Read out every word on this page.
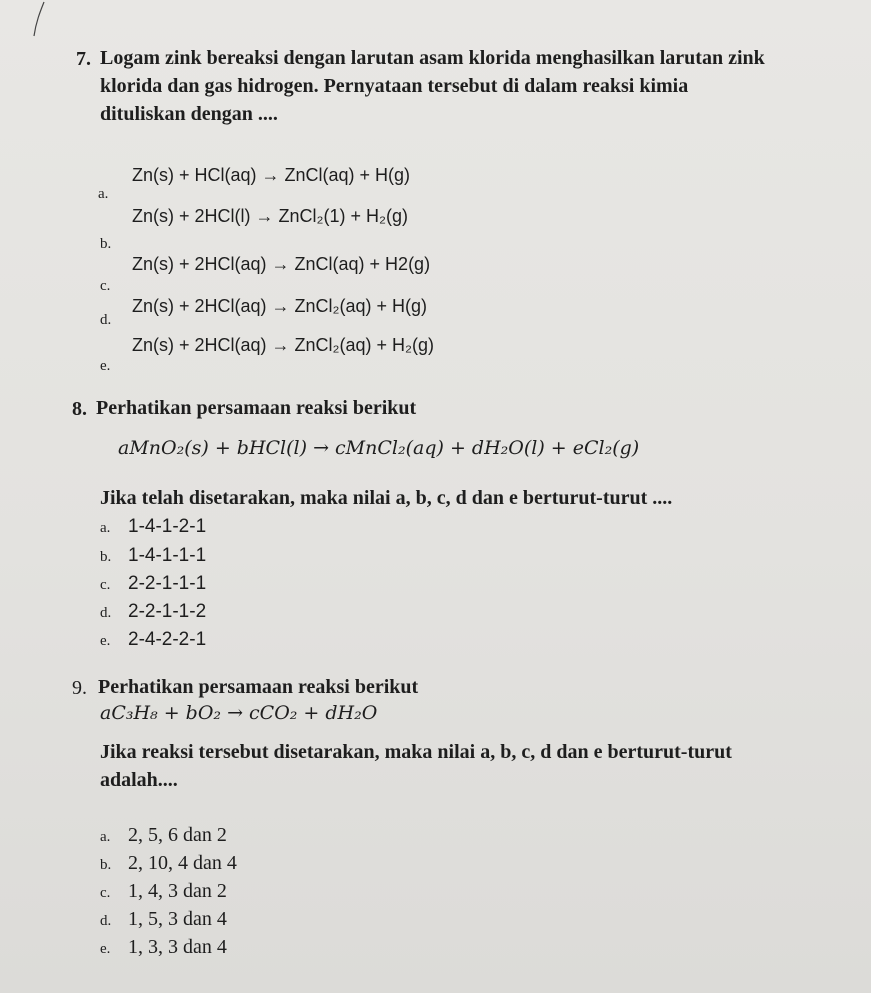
7. Logam zink bereaksi dengan larutan asam klorida menghasilkan larutan zink
klorida dan gas hidrogen. Pernyataan tersebut di dalam reaksi kimia
dituliskan dengan ....
a.
Zn(s) + HCl(aq) → ZnCl(aq) + H(g)
b.
Zn(s) + 2HCl(l) → ZnCl₂(1) + H₂(g)
c.
Zn(s) + 2HCl(aq) → ZnCl(aq) + H2(g)
d.
Zn(s) + 2HCl(aq) → ZnCl₂(aq) + H(g)
e.
Zn(s) + 2HCl(aq) → ZnCl₂(aq) + H₂(g)
8. Perhatikan persamaan reaksi berikut
aMnO₂(s) + bHCl(l) → cMnCl₂(aq) + dH₂O(l) + eCl₂(g)
Jika telah disetarakan, maka nilai a, b, c, d dan e berturut-turut ....
a. 1-4-1-2-1
b. 1-4-1-1-1
c. 2-2-1-1-1
d. 2-2-1-1-2
e. 2-4-2-2-1
9. Perhatikan persamaan reaksi berikut
aC₃H₈ + bO₂ → cCO₂ + dH₂O
Jika reaksi tersebut disetarakan, maka nilai a, b, c, d dan e berturut-turut
adalah....
a. 2, 5, 6 dan 2
b. 2, 10, 4 dan 4
c. 1, 4, 3 dan 2
d. 1, 5, 3 dan 4
e. 1, 3, 3 dan 4
